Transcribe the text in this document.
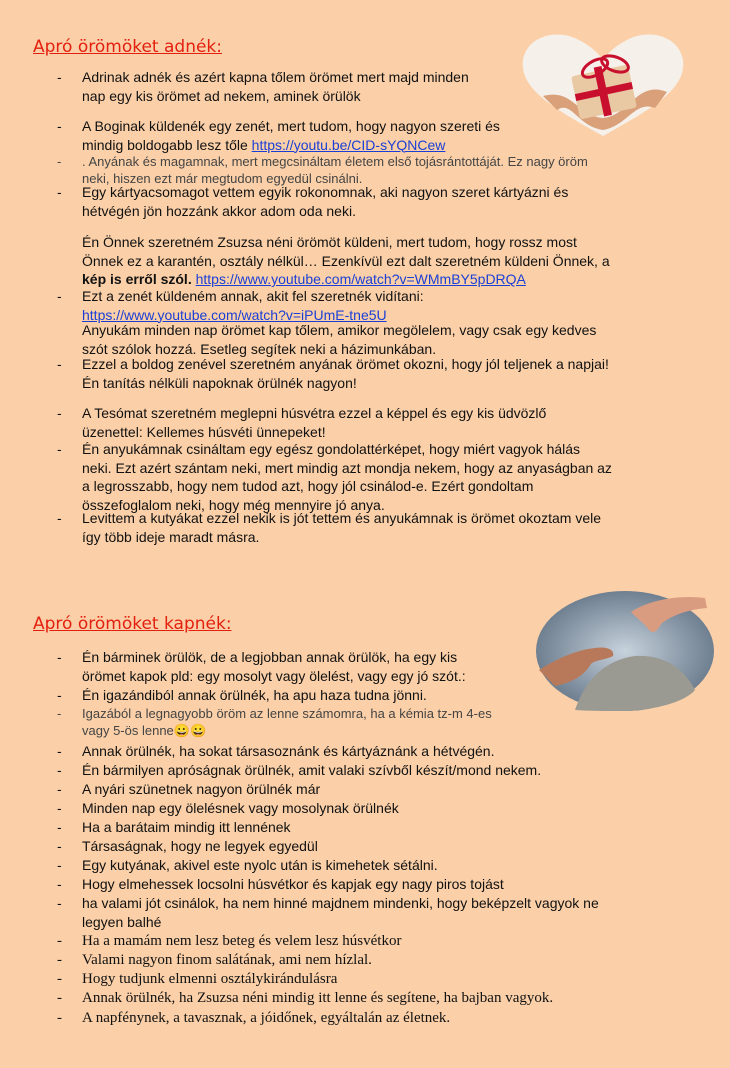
Apró örömöket adnék:
- Adrinak adnék és azért kapna tőlem örömet mert majd minden
nap egy kis örömet ad nekem, aminek örülök
- A Boginak küldenék egy zenét, mert tudom, hogy nagyon szereti és
mindig boldogabb lesz tőle https://youtu.be/CID-sYQNCew
- . Anyának és magamnak, mert megcsináltam életem első tojásrántottáját. Ez nagy öröm
neki, hiszen ezt már megtudom egyedül csinálni.
- Egy kártyacsomagot vettem egyik rokonomnak, aki nagyon szeret kártyázni és
hétvégén jön hozzánk akkor adom oda neki.
Én Önnek szeretném Zsuzsa néni örömöt küldeni, mert tudom, hogy rossz most
Önnek ez a karantén, osztály nélkül… Ezenkívül ezt dalt szeretném küldeni Önnek, a
kép is erről szól. https://www.youtube.com/watch?v=WMmBY5pDRQA
- Ezt a zenét küldeném annak, akit fel szeretnék vidítani:
https://www.youtube.com/watch?v=iPUmE-tne5U
Anyukám minden nap örömet kap tőlem, amikor megölelem, vagy csak egy kedves
szót szólok hozzá. Esetleg segítek neki a házimunkában.
- Ezzel a boldog zenével szeretném anyának örömet okozni, hogy jól teljenek a napjai!
Én tanítás nélküli napoknak örülnék nagyon!
- A Tesómat szeretném meglepni húsvétra ezzel a képpel és egy kis üdvözlő
üzenettel: Kellemes húsvéti ünnepeket!
- Én anyukámnak csináltam egy egész gondolattérképet, hogy miért vagyok hálás
neki. Ezt azért szántam neki, mert mindig azt mondja nekem, hogy az anyaságban az
a legrosszabb, hogy nem tudod azt, hogy jól csinálod-e. Ezért gondoltam
összefoglalom neki, hogy még mennyire jó anya.
- Levittem a kutyákat ezzel nekik is jót tettem és anyukámnak is örömet okoztam vele
így több ideje maradt másra.
Apró örömöket kapnék:
- Én bárminek örülök, de a legjobban annak örülök, ha egy kis
örömet kapok pld: egy mosolyt vagy ölelést, vagy egy jó szót.:
- Én igazándiból annak örülnék, ha apu haza tudna jönni.
- Igazából a legnagyobb öröm az lenne számomra, ha a kémia tz-m 4-es
vagy 5-ös lenne😀😀
- Annak örülnék, ha sokat társasoznánk és kártyáznánk a hétvégén.
- Én bármilyen apróságnak örülnék, amit valaki szívből készít/mond nekem.
- A nyári szünetnek nagyon örülnék már
- Minden nap egy ölelésnek vagy mosolynak örülnék
- Ha a barátaim mindig itt lennének
- Társaságnak, hogy ne legyek egyedül
- Egy kutyának, akivel este nyolc után is kimehetek sétálni.
- Hogy elmehessek locsolni húsvétkor és kapjak egy nagy piros tojást
- ha valami jót csinálok, ha nem hinné majdnem mindenki, hogy beképzelt vagyok ne
legyen balhé
- Ha a mamám nem lesz beteg és velem lesz húsvétkor
- Valami nagyon finom salátának, ami nem hízlal.
- Hogy tudjunk elmenni osztálykirándulásra
- Annak örülnék, ha Zsuzsa néni mindig itt lenne és segítene, ha bajban vagyok.
- A napfénynek, a tavasznak, a jóidőnek, egyáltalán az életnek.
